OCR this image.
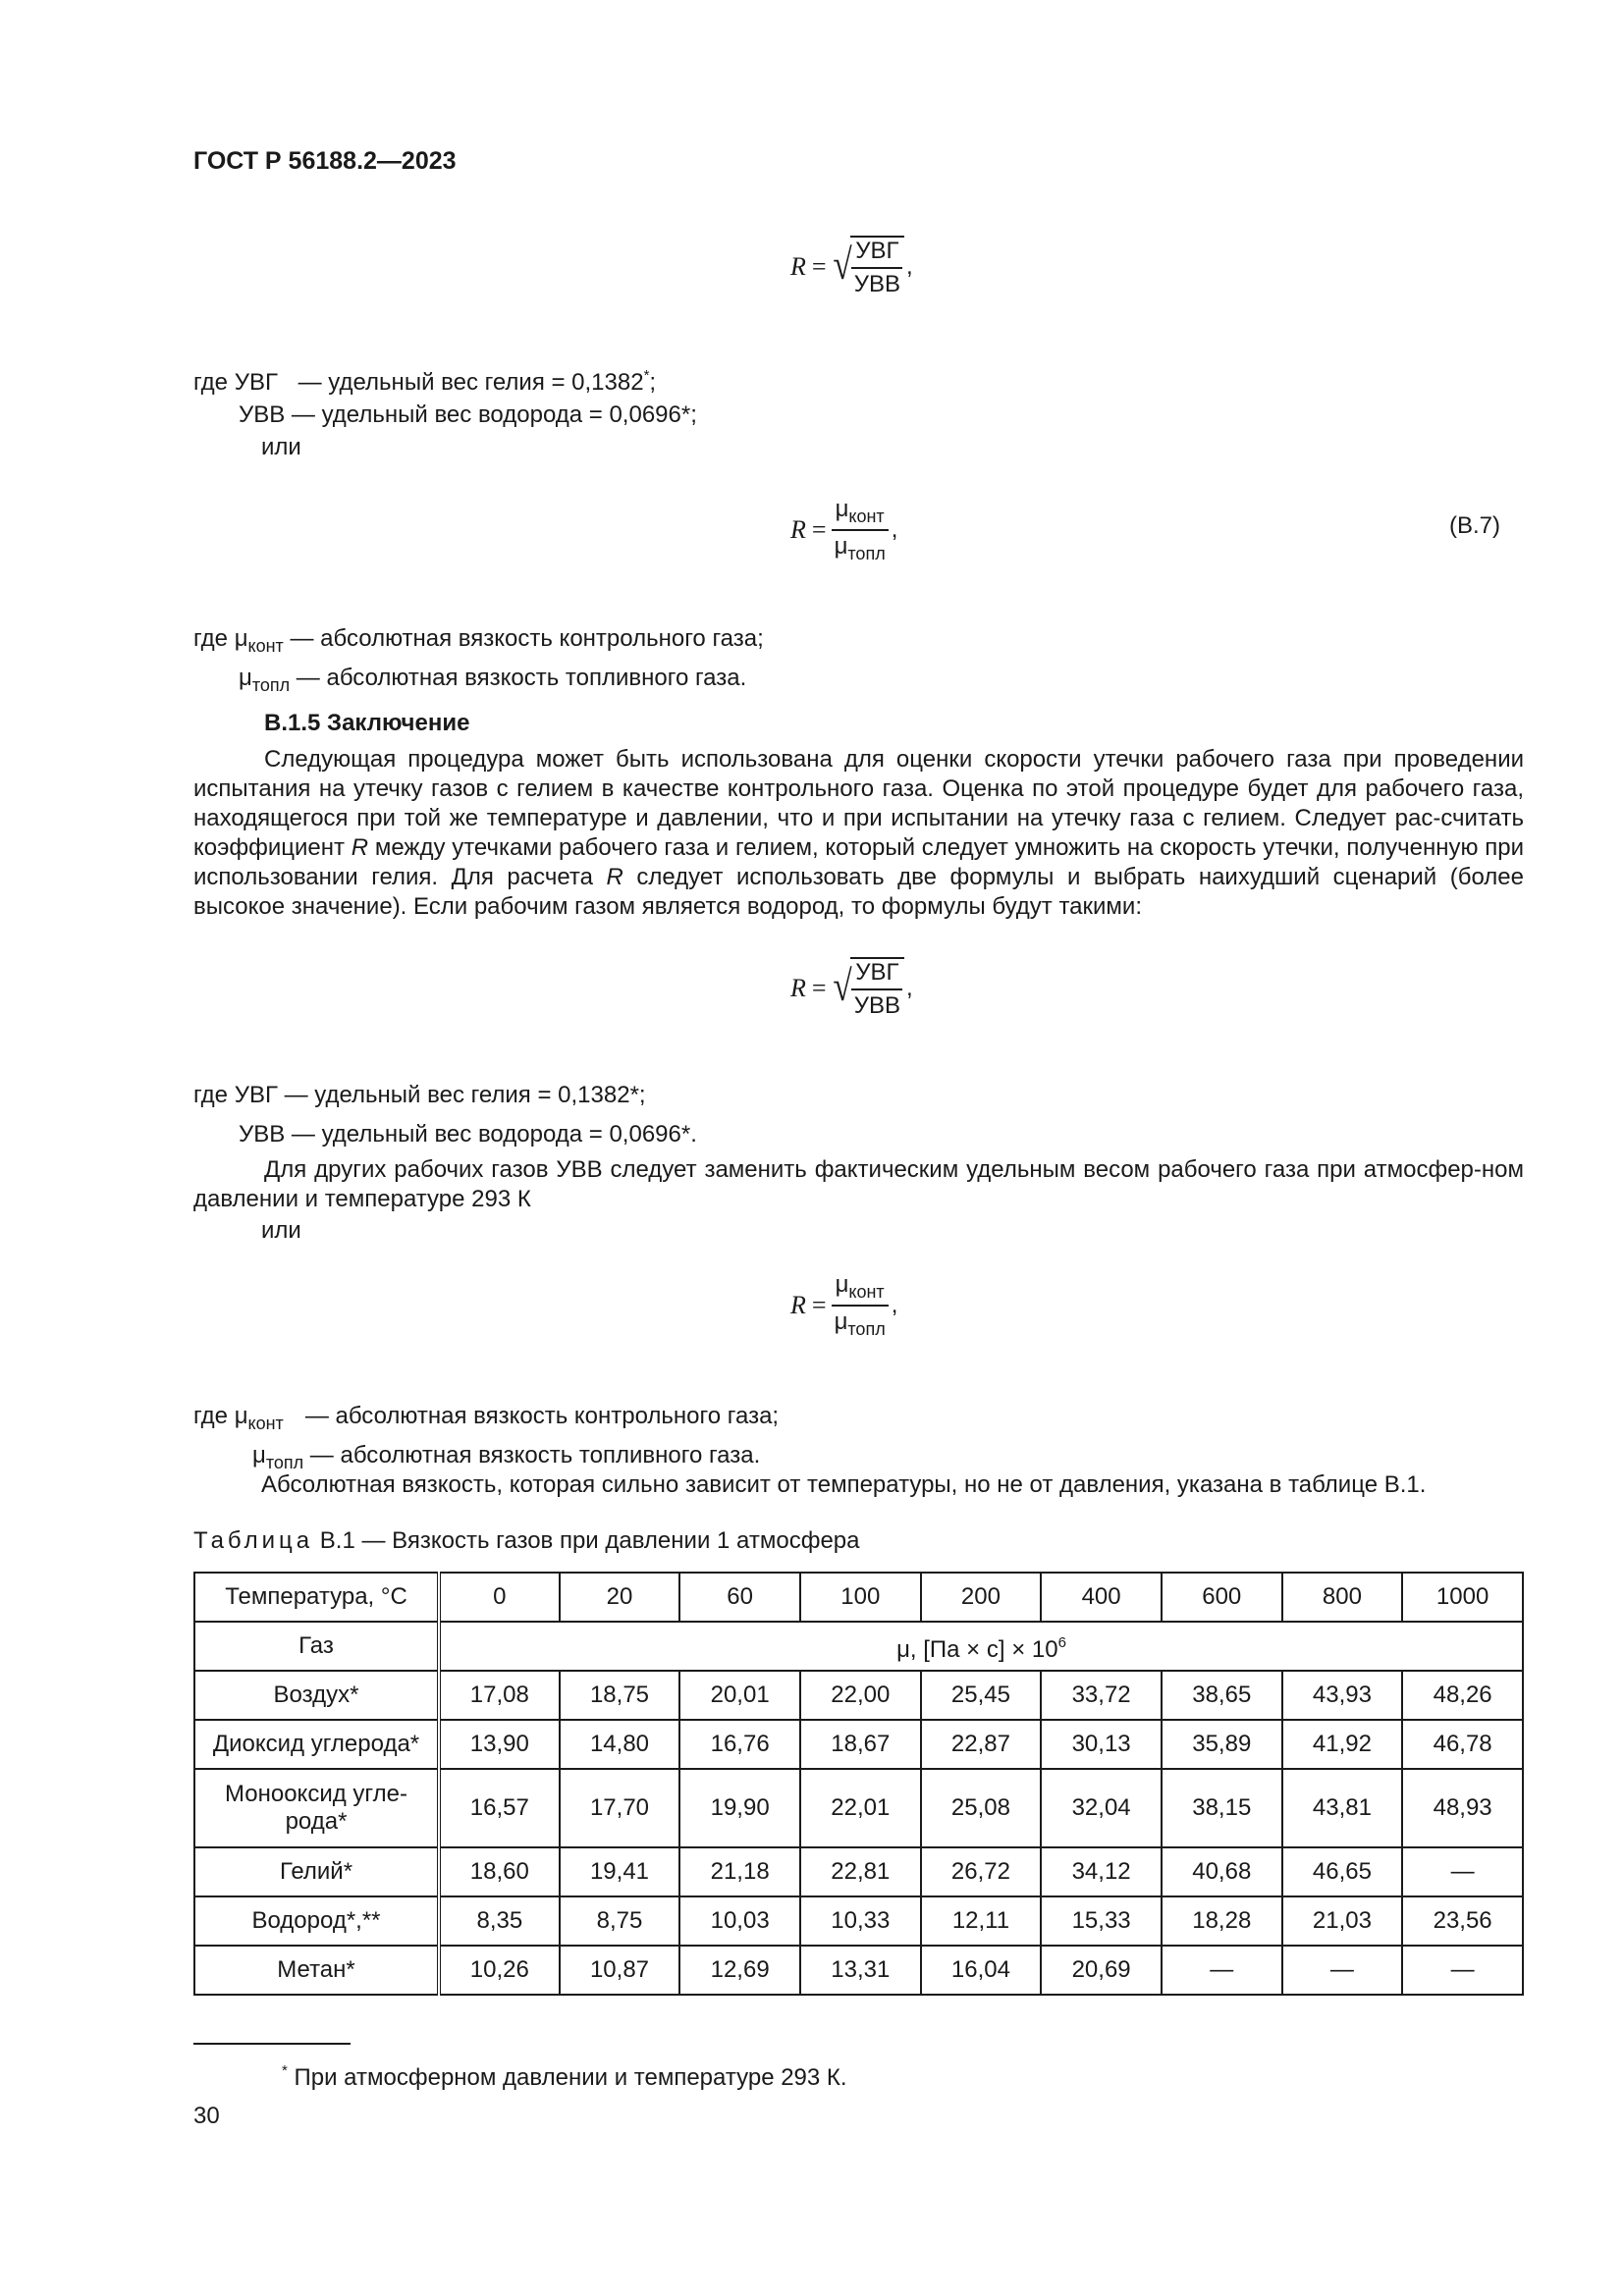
ГОСТ Р 56188.2—2023
R = √
$\frac{\text{УВГ}}{\text{УВВ}}$ ,
где УВГ — удельный вес гелия = 0,1382*;
УВВ — удельный вес водорода = 0,0696*;
или
$R = \frac{\mu_{конт}}{\mu_{топл}}$ ,	(B.7)
где $\mu_{конт}$ — абсолютная вязкость контрольного газа;
$\mu_{топл}$ — абсолютная вязкость топливного газа.
B.1.5 Заключение
Следующая процедура может быть использована для оценки скорости утечки рабочего газа при проведении испытания на утечку газов с гелием в качестве контрольного газа. Оценка по этой процедуре будет для рабочего газа, находящегося при той же температуре и давлении, что и при испытании на утечку газа с гелием. Следует рас-считать коэффициент R между утечками рабочего газа и гелием, который следует умножить на скорость утечки, полученную при использовании гелия. Для расчета R следует использовать две формулы и выбрать наихудший сценарий (более высокое значение). Если рабочим газом является водород, то формулы будут такими:
R = √
$\frac{\text{УВГ}}{\text{УВВ}}$ ,
где УВГ — удельный вес гелия = 0,1382*;
УВВ — удельный вес водорода = 0,0696*.
Для других рабочих газов УВВ следует заменить фактическим удельным весом рабочего газа при атмосфер-ном давлении и температуре 293 К
или
$R = \frac{\mu_{конт}}{\mu_{топл}}$ ,
где $\mu_{конт}$ — абсолютная вязкость контрольного газа;
$\mu_{топл}$ — абсолютная вязкость топливного газа.
Абсолютная вязкость, которая сильно зависит от температуры, но не от давления, указана в таблице B.1.
Таблица B.1 — Вязкость газов при давлении 1 атмосфера
Температура, °С	0	20	60	100	200	400	600	800	1000
Газ	μ, $[Па \times с] \times 10^6$
Воздух*	17,08	18,75	20,01	22,00	25,45	33,72	38,65	43,93	48,26
Диоксид углерода*	13,90	14,80	16,76	18,67	22,87	30,13	35,89	41,92	46,78
Монооксид угле-рода*	16,57	17,70	19,90	22,01	25,08	32,04	38,15	43,81	48,93
Гелий*	18,60	19,41	21,18	22,81	26,72	34,12	40,68	46,65	—
Водород*,**	8,35	8,75	10,03	10,33	12,11	15,33	18,28	21,03	23,56
Метан*	10,26	10,87	12,69	13,31	16,04	20,69	—	—	—
* При атмосферном давлении и температуре 293 К.
30
